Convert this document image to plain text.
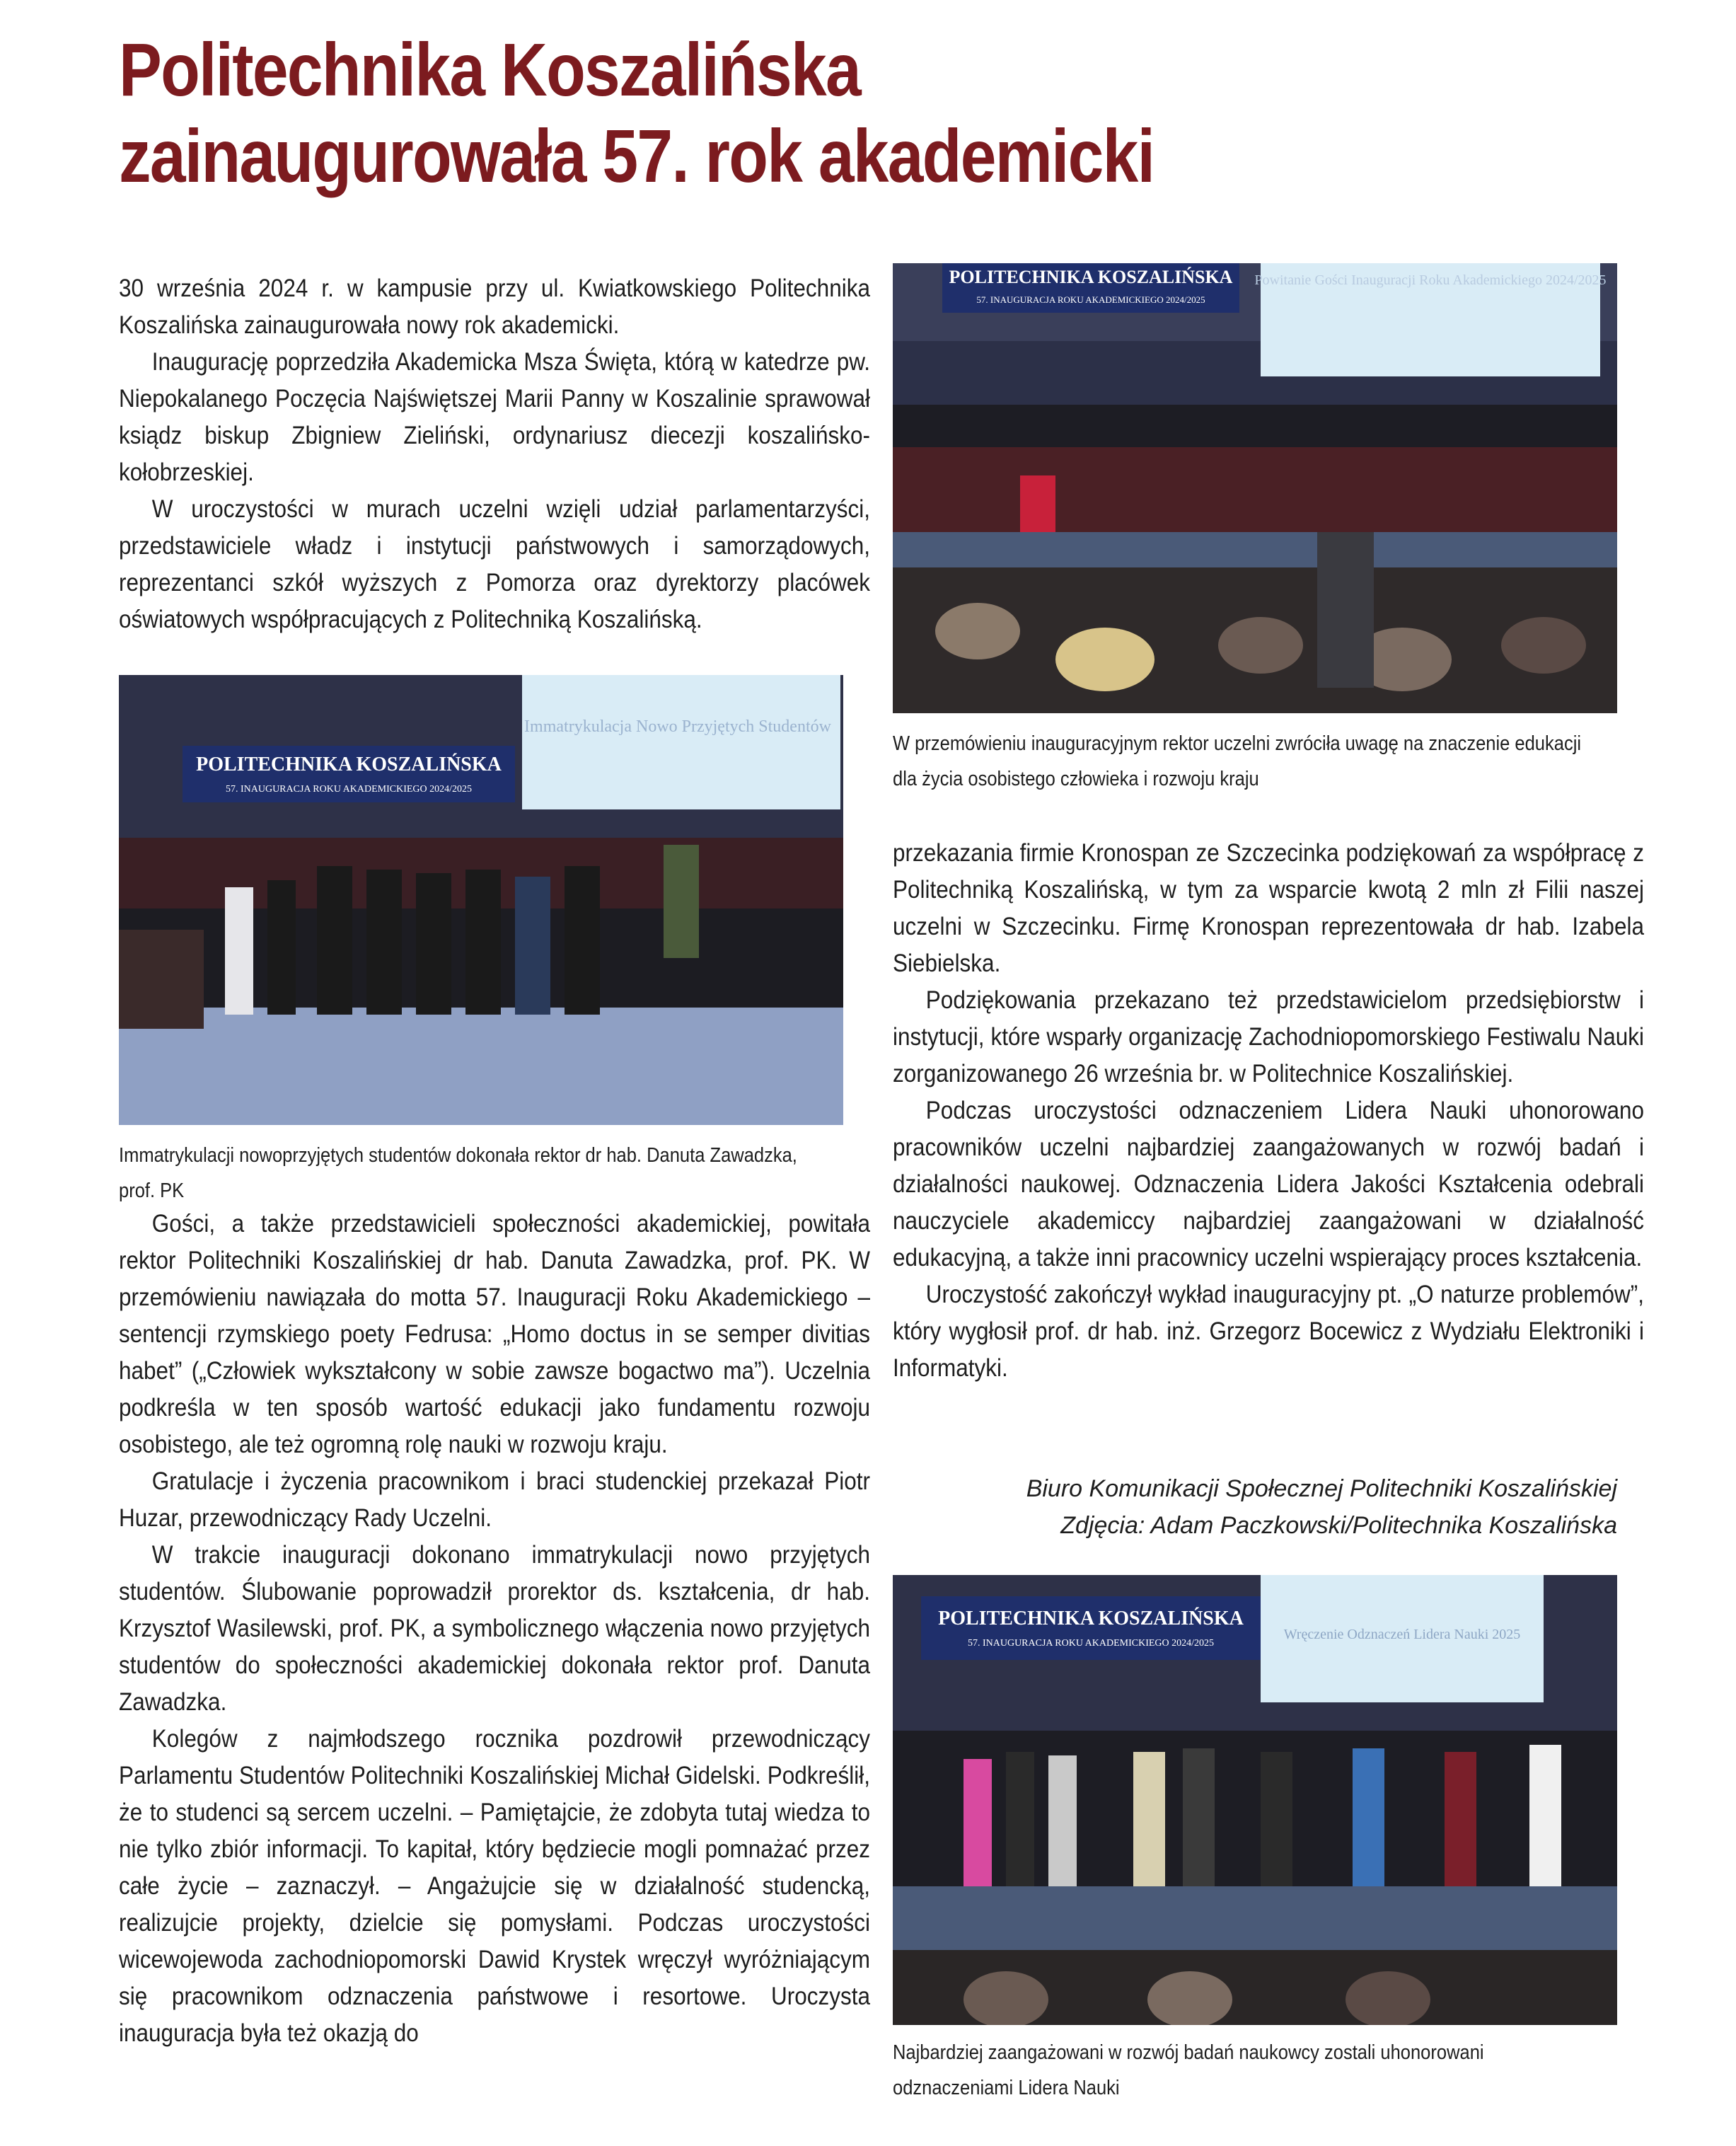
Politechnika Koszalińska
zainaugurowała 57. rok akademicki

30 września 2024 r. w kampusie przy ul. Kwiatkowskiego Politechnika Koszalińska zainaugurowała nowy rok akademicki.

Inaugurację poprzedziła Akademicka Msza Święta, którą w katedrze pw. Niepokalanego Poczęcia Najświętszej Marii Panny w Koszalinie sprawował ksiądz biskup Zbigniew Zieliński, ordynariusz diecezji koszalińsko-kołobrzeskiej.

W uroczystości w murach uczelni wzięli udział parlamentarzyści, przedstawiciele władz i instytucji państwowych i samorządowych, reprezentanci szkół wyższych z Pomorza oraz dyrektorzy placówek oświatowych współpracujących z Politechniką Koszalińską.

Powitanie Gości Inauguracji Roku Akademickiego 2024/2025
POLITECHNIKA KOSZALIŃSKA
57. INAUGURACJA ROKU AKADEMICKIEGO 2024/2025
W przemówieniu inauguracyjnym rektor uczelni zwróciła uwagę na znaczenie edukacji dla życia osobistego człowieka i rozwoju kraju
Immatrykulacja Nowo Przyjętych Studentów
POLITECHNIKA KOSZALIŃSKA
57. INAUGURACJA ROKU AKADEMICKIEGO 2024/2025
Immatrykulacji nowoprzyjętych studentów dokonała rektor dr hab. Danuta Zawadzka, prof. PK

Gości, a także przedstawicieli społeczności akademickiej, powitała rektor Politechniki Koszalińskiej dr hab. Danuta Zawadzka, prof. PK. W przemówieniu nawiązała do motta 57. Inauguracji Roku Akademickiego – sentencji rzymskiego poety Fedrusa: „Homo doctus in se semper divitias habet” („Człowiek wykształcony w sobie zawsze bogactwo ma”). Uczelnia podkreśla w ten sposób wartość edukacji jako fundamentu rozwoju osobistego, ale też ogromną rolę nauki w rozwoju kraju.

Gratulacje i życzenia pracownikom i braci studenckiej przekazał Piotr Huzar, przewodniczący Rady Uczelni.

W trakcie inauguracji dokonano immatrykulacji nowo przyjętych studentów. Ślubowanie poprowadził prorektor ds. kształcenia, dr hab. Krzysztof Wasilewski, prof. PK, a symbolicznego włączenia nowo przyjętych studentów do społeczności akademickiej dokonała rektor prof. Danuta Zawadzka.

Kolegów z najmłodszego rocznika pozdrowił przewodniczący Parlamentu Studentów Politechniki Koszalińskiej Michał Gidelski. Podkreślił, że to studenci są sercem uczelni. – Pamiętajcie, że zdobyta tutaj wiedza to nie tylko zbiór informacji. To kapitał, który będziecie mogli pomnażać przez całe życie – zaznaczył. – Angażujcie się w działalność studencką, realizujcie projekty, dzielcie się pomysłami. Podczas uroczystości wicewojewoda zachodniopomorski Dawid Krystek wręczył wyróżniającym się pracownikom odznaczenia państwowe i resortowe. Uroczysta inauguracja była też okazją do

przekazania firmie Kronospan ze Szczecinka podziękowań za współpracę z Politechniką Koszalińską, w tym za wsparcie kwotą 2 mln zł Filii naszej uczelni w Szczecinku. Firmę Kronospan reprezentowała dr hab. Izabela Siebielska.

Podziękowania przekazano też przedstawicielom przedsiębiorstw i instytucji, które wsparły organizację Zachodniopomorskiego Festiwalu Nauki zorganizowanego 26 września br. w Politechnice Koszalińskiej.

Podczas uroczystości odznaczeniem Lidera Nauki uhonorowano pracowników uczelni najbardziej zaangażowanych w rozwój badań i działalności naukowej. Odznaczenia Lidera Jakości Kształcenia odebrali nauczyciele akademiccy najbardziej zaangażowani w działalność edukacyjną, a także inni pracownicy uczelni wspierający proces kształcenia.

Uroczystość zakończył wykład inauguracyjny pt. „O naturze problemów”, który wygłosił prof. dr hab. inż. Grzegorz Bocewicz z Wydziału Elektroniki i Informatyki.

Biuro Komunikacji Społecznej Politechniki Koszalińskiej
Zdjęcia: Adam Paczkowski/Politechnika Koszalińska
Wręczenie Odznaczeń Lidera Nauki 2025
POLITECHNIKA KOSZALIŃSKA
57. INAUGURACJA ROKU AKADEMICKIEGO 2024/2025
Najbardziej zaangażowani w rozwój badań naukowcy zostali uhonorowani odznaczeniami Lidera Nauki
